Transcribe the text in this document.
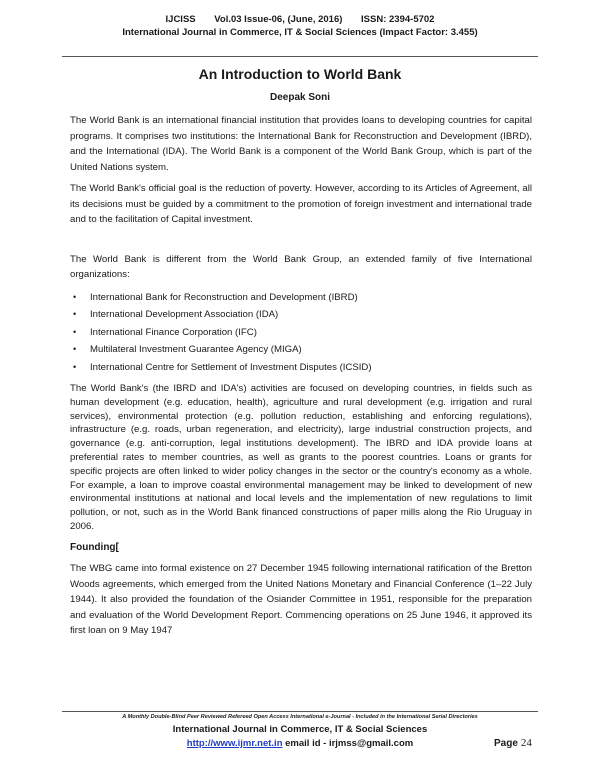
IJCISS Vol.03 Issue-06, (June, 2016) ISSN: 2394-5702
International Journal in Commerce, IT & Social Sciences (Impact Factor: 3.455)
An Introduction to World Bank
Deepak Soni

The World Bank is an international financial institution that provides loans to developing countries for capital programs. It comprises two institutions: the International Bank for Reconstruction and Development (IBRD), and the International (IDA). The World Bank is a component of the World Bank Group, which is part of the United Nations system.

The World Bank's official goal is the reduction of poverty. However, according to its Articles of Agreement, all its decisions must be guided by a commitment to the promotion of foreign investment and international trade and to the facilitation of Capital investment.

The World Bank is different from the World Bank Group, an extended family of five International organizations:

• International Bank for Reconstruction and Development (IBRD)
• International Development Association (IDA)
• International Finance Corporation (IFC)
• Multilateral Investment Guarantee Agency (MIGA)
• International Centre for Settlement of Investment Disputes (ICSID)

The World Bank's (the IBRD and IDA's) activities are focused on developing countries, in fields such as human development (e.g. education, health), agriculture and rural development (e.g. irrigation and rural services), environmental protection (e.g. pollution reduction, establishing and enforcing regulations), infrastructure (e.g. roads, urban regeneration, and electricity), large industrial construction projects, and governance (e.g. anti-corruption, legal institutions development). The IBRD and IDA provide loans at preferential rates to member countries, as well as grants to the poorest countries. Loans or grants for specific projects are often linked to wider policy changes in the sector or the country's economy as a whole. For example, a loan to improve coastal environmental management may be linked to development of new environmental institutions at national and local levels and the implementation of new regulations to limit pollution, or not, such as in the World Bank financed constructions of paper mills along the Rio Uruguay in 2006.

Founding[

The WBG came into formal existence on 27 December 1945 following international ratification of the Bretton Woods agreements, which emerged from the United Nations Monetary and Financial Conference (1–22 July 1944). It also provided the foundation of the Osiander Committee in 1951, responsible for the preparation and evaluation of the World Development Report. Commencing operations on 25 June 1946, it approved its first loan on 9 May 1947

A Monthly Double-Blind Peer Reviewed Refereed Open Access International e-Journal - Included in the International Serial Directories
International Journal in Commerce, IT & Social Sciences
http://www.ijmr.net.in email id - irjmss@gmail.com	Page 24
